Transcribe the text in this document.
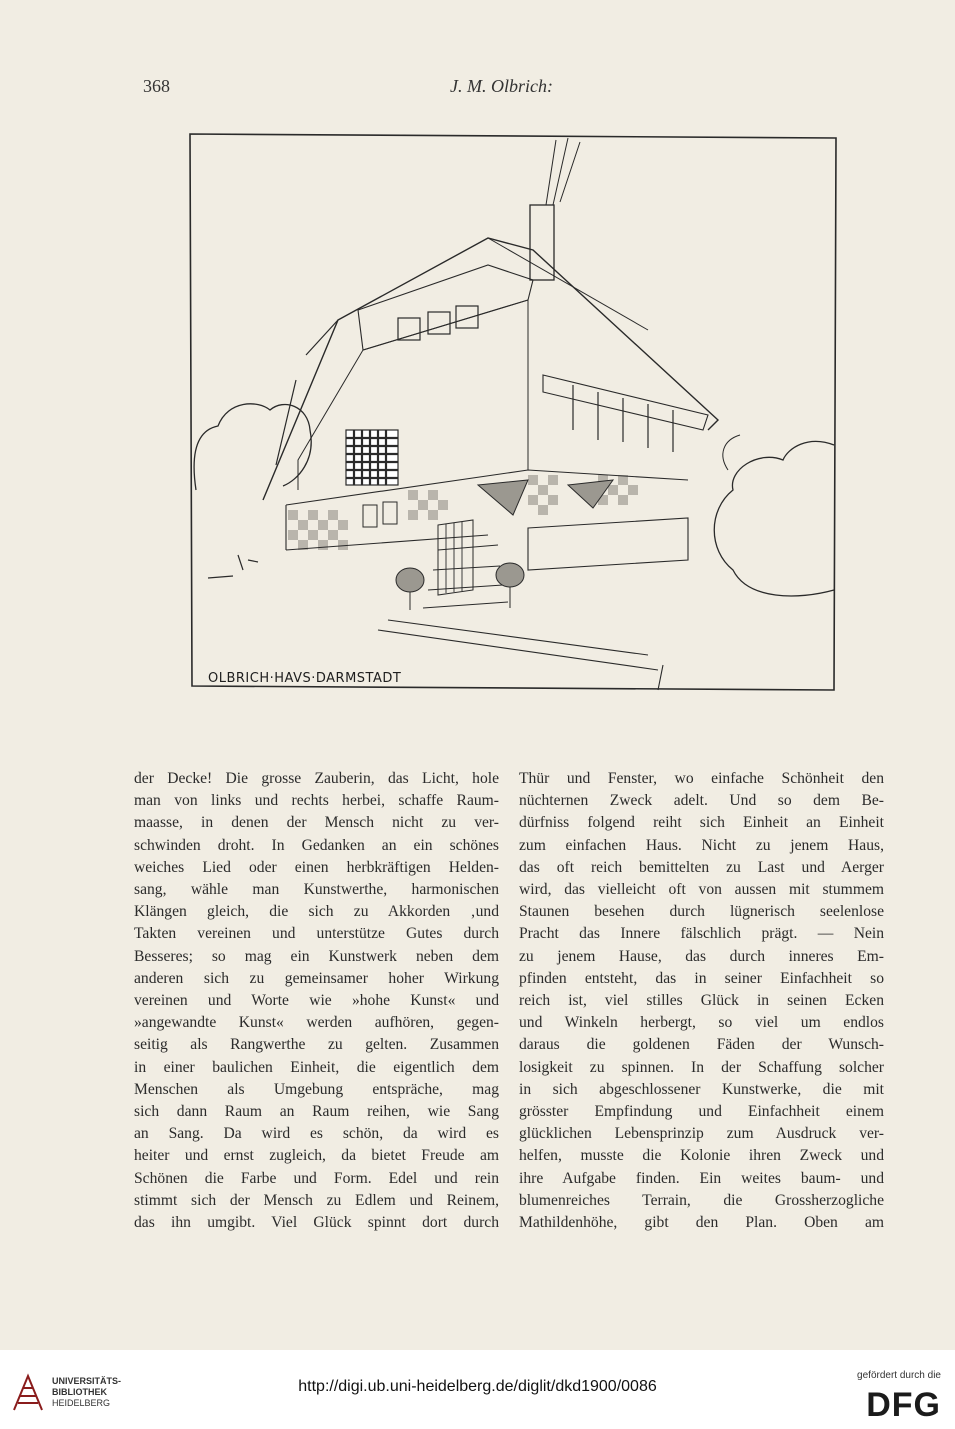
368	J. M. Olbrich:
OLBRICH·HAVS·DARMSTADT
der Decke! Die grosse Zauberin, das Licht, hole
man von links und rechts herbei, schaffe Raum-
maasse, in denen der Mensch nicht zu ver-
schwinden droht. In Gedanken an ein schönes
weiches Lied oder einen herbkräftigen Helden-
sang, wähle man Kunstwerthe, harmonischen
Klängen gleich, die sich zu Akkorden ‚und
Takten vereinen und unterstütze Gutes durch
Besseres; so mag ein Kunstwerk neben dem
anderen sich zu gemeinsamer hoher Wirkung
vereinen und Worte wie »hohe Kunst« und
»angewandte Kunst« werden aufhören, gegen-
seitig als Rangwerthe zu gelten. Zusammen
in einer baulichen Einheit, die eigentlich dem
Menschen als Umgebung entspräche, mag
sich dann Raum an Raum reihen, wie Sang
an Sang. Da wird es schön, da wird es
heiter und ernst zugleich, da bietet Freude am
Schönen die Farbe und Form. Edel und rein
stimmt sich der Mensch zu Edlem und Reinem,
das ihn umgibt. Viel Glück spinnt dort durch
Thür und Fenster, wo einfache Schönheit den
nüchternen Zweck adelt. Und so dem Be-
dürfniss folgend reiht sich Einheit an Einheit
zum einfachen Haus. Nicht zu jenem Haus,
das oft reich bemittelten zu Last und Aerger
wird, das vielleicht oft von aussen mit stummem
Staunen besehen durch lügnerisch seelenlose
Pracht das Innere fälschlich prägt. — Nein
zu jenem Hause, das durch inneres Em-
pfinden entsteht, das in seiner Einfachheit so
reich ist, viel stilles Glück in seinen Ecken
und Winkeln herbergt, so viel um endlos
daraus die goldenen Fäden der Wunsch-
losigkeit zu spinnen. In der Schaffung solcher
in sich abgeschlossener Kunstwerke, die mit
grösster Empfindung und Einfachheit einem
glücklichen Lebensprinzip zum Ausdruck ver-
helfen, musste die Kolonie ihren Zweck und
ihre Aufgabe finden. Ein weites baum- und
blumenreiches Terrain, die Grossherzogliche
Mathildenhöhe, gibt den Plan. Oben am
UNIVERSITÄTS-
BIBLIOTHEK
HEIDELBERG
http://digi.ub.uni-heidelberg.de/diglit/dkd1900/0086
gefördert durch die
DFG
